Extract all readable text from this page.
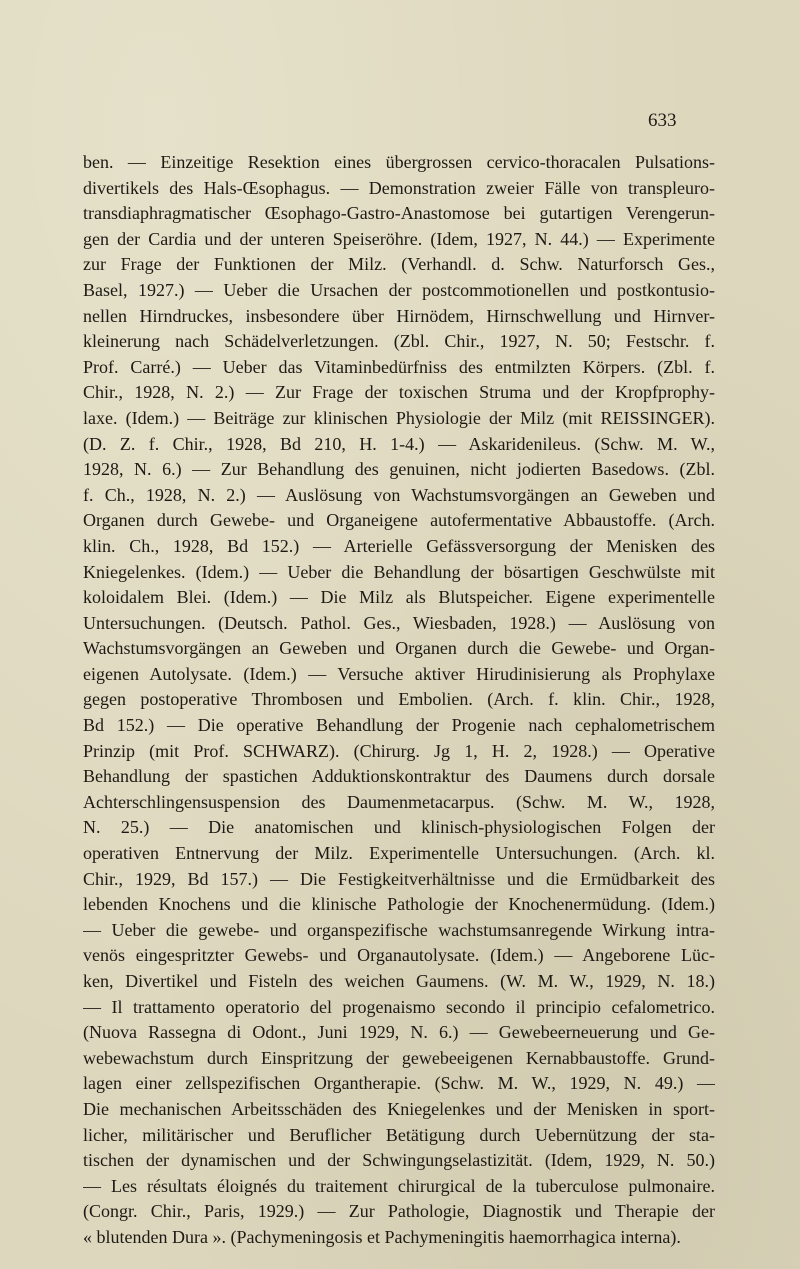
633
ben. — Einzeitige Resektion eines übergrossen cervico-thoracalen Pulsations-
divertikels des Hals-Œsophagus. — Demonstration zweier Fälle von transpleuro-
transdiaphragmatischer Œsophago-Gastro-Anastomose bei gutartigen Verengerun-
gen der Cardia und der unteren Speiseröhre. (Idem, 1927, N. 44.) — Experimente
zur Frage der Funktionen der Milz. (Verhandl. d. Schw. Naturforsch Ges.,
Basel, 1927.) — Ueber die Ursachen der postcommotionellen und postkontusio-
nellen Hirndruckes, insbesondere über Hirnödem, Hirnschwellung und Hirnver-
kleinerung nach Schädelverletzungen. (Zbl. Chir., 1927, N. 50; Festschr. f.
Prof. Carré.) — Ueber das Vitaminbedürfniss des entmilzten Körpers. (Zbl. f.
Chir., 1928, N. 2.) — Zur Frage der toxischen Struma und der Kropfprophy-
laxe. (Idem.) — Beiträge zur klinischen Physiologie der Milz (mit REISSINGER).
(D. Z. f. Chir., 1928, Bd 210, H. 1-4.) — Askaridenileus. (Schw. M. W.,
1928, N. 6.) — Zur Behandlung des genuinen, nicht jodierten Basedows. (Zbl.
f. Ch., 1928, N. 2.) — Auslösung von Wachstumsvorgängen an Geweben und
Organen durch Gewebe- und Organeigene autofermentative Abbaustoffe. (Arch.
klin. Ch., 1928, Bd 152.) — Arterielle Gefässversorgung der Menisken des
Kniegelenkes. (Idem.) — Ueber die Behandlung der bösartigen Geschwülste mit
koloidalem Blei. (Idem.) — Die Milz als Blutspeicher. Eigene experimentelle
Untersuchungen. (Deutsch. Pathol. Ges., Wiesbaden, 1928.) — Auslösung von
Wachstumsvorgängen an Geweben und Organen durch die Gewebe- und Organ-
eigenen Autolysate. (Idem.) — Versuche aktiver Hirudinisierung als Prophylaxe
gegen postoperative Thrombosen und Embolien. (Arch. f. klin. Chir., 1928,
Bd 152.) — Die operative Behandlung der Progenie nach cephalometrischem
Prinzip (mit Prof. SCHWARZ). (Chirurg. Jg 1, H. 2, 1928.) — Operative
Behandlung der spastichen Adduktionskontraktur des Daumens durch dorsale
Achterschlingensuspension des Daumenmetacarpus. (Schw. M. W., 1928,
N. 25.) — Die anatomischen und klinisch-physiologischen Folgen der
operativen Entnervung der Milz. Experimentelle Untersuchungen. (Arch. kl.
Chir., 1929, Bd 157.) — Die Festigkeitverhältnisse und die Ermüdbarkeit des
lebenden Knochens und die klinische Pathologie der Knochenermüdung. (Idem.)
— Ueber die gewebe- und organspezifische wachstumsanregende Wirkung intra-
venös eingespritzter Gewebs- und Organautolysate. (Idem.) — Angeborene Lüc-
ken, Divertikel und Fisteln des weichen Gaumens. (W. M. W., 1929, N. 18.)
— Il trattamento operatorio del progenaismo secondo il principio cefalometrico.
(Nuova Rassegna di Odont., Juni 1929, N. 6.) — Gewebeerneuerung und Ge-
webewachstum durch Einspritzung der gewebeeigenen Kernabbaustoffe. Grund-
lagen einer zellspezifischen Organtherapie. (Schw. M. W., 1929, N. 49.) —
Die mechanischen Arbeitsschäden des Kniegelenkes und der Menisken in sport-
licher, militärischer und Beruflicher Betätigung durch Uebernützung der sta-
tischen der dynamischen und der Schwingungselastizität. (Idem, 1929, N. 50.)
— Les résultats éloignés du traitement chirurgical de la tuberculose pulmonaire.
(Congr. Chir., Paris, 1929.) — Zur Pathologie, Diagnostik und Therapie der
« blutenden Dura ». (Pachymeningosis et Pachymeningitis haemorrhagica interna).
